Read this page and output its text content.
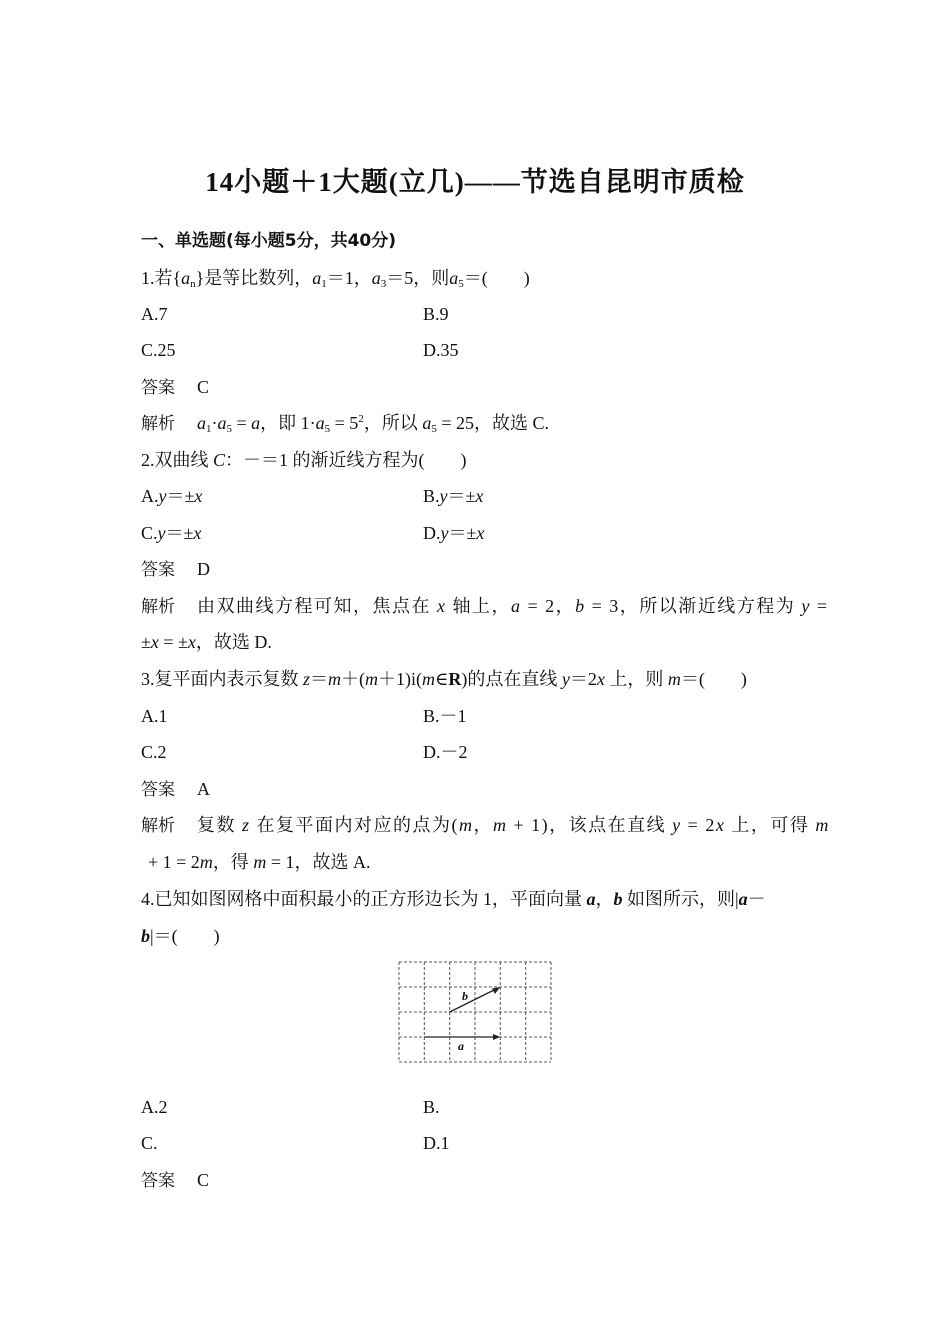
14小题＋1大题(立几)——节选自昆明市质检
一、单选题(每小题5分，共40分)
1.若$\{a_n\}$是等比数列，$a_1=1$，$a_3=5$，则$a_5=$(　　)
A.7	B.9
C.25	D.35
答案 C
解析 $a_1\cdot a_5 = a$，即 $1\cdot a_5 = 5^2$，所以 $a_5 = 25$，故选 C.
2.双曲线 C：－＝1 的渐近线方程为(　　)
A.y＝±x	B.y＝±x
C.y＝±x	D.y＝±x
答案 D
解析 由双曲线方程可知，焦点在 x 轴上，a = 2，b = 3，所以渐近线方程为 y =
±x = ±x，故选 D.
3.复平面内表示复数 z＝m＋(m＋1)i(m∈R)的点在直线 y＝2x 上，则 m＝(　　)
A.1	B.－1
C.2	D.－2
答案 A
解析 复数 z 在复平面内对应的点为(m，m + 1)，该点在直线 y = 2x 上，可得 m
+ 1 = 2m，得 m = 1，故选 A.
4.已知如图网格中面积最小的正方形边长为 1，平面向量 a，b 如图所示，则|a－
b|＝(　　)
b
a
A.2	B.
C.	D.1
答案 C
